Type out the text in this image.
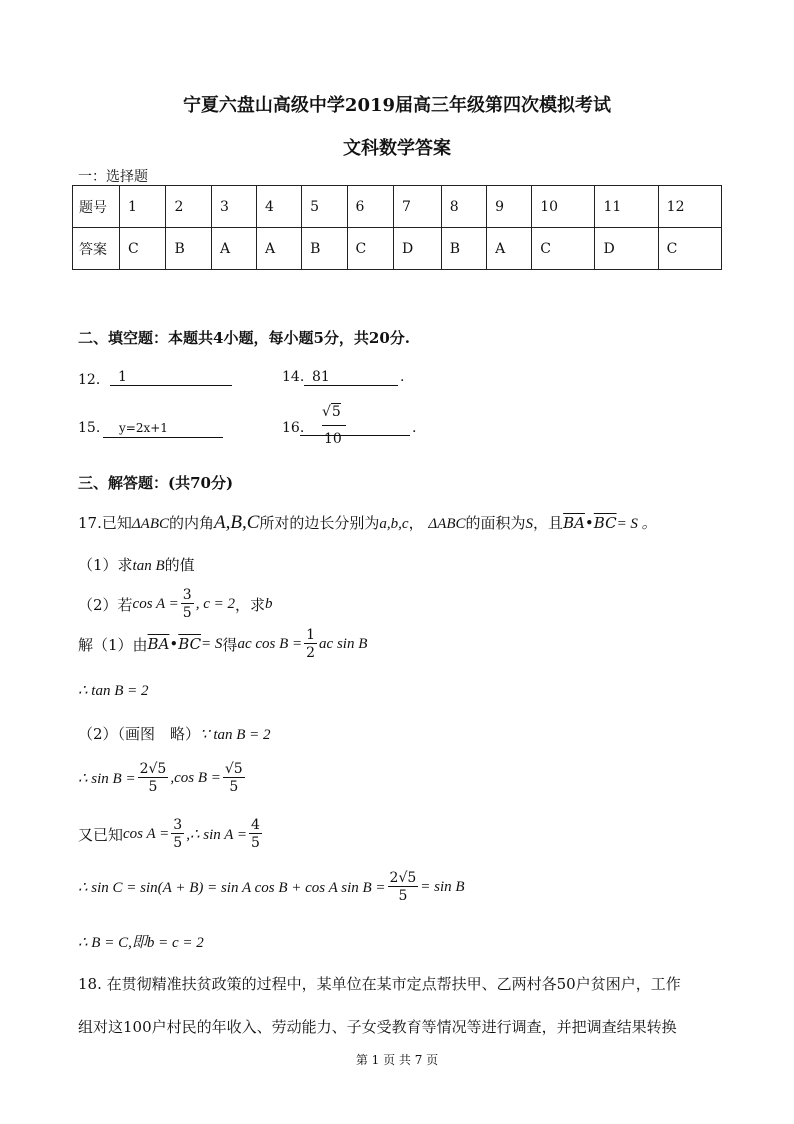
宁夏六盘山高级中学2019届高三年级第四次模拟考试
文科数学答案
一：选择题
题号	1	2	3	4	5	6	7	8	9	10	11	12
答案	C	B	A	A	B	C	D	B	A	C	D	C
二、填空题：本题共4小题，每小题5分，共20分.
12． 1	14. 81	.
15.	y=2x+1	16.
√5
10
.
三、解答题：(共70分)
17.已知ΔABC的内角A,B,C所对的边长分别为a,b,c， ΔABC的面积为S，且$\overline{BA}•\overline{BC}= S$ 。
（1）求tan B的值
（2）若 $\cos A = \frac{3}{5}$ , c = 2 ，求 b
解（1）由 $\overline{BA}$ • $\overline{BC} = S$ 得 ac $\cos B = \frac{1}{2}$ ac sin B
∴ tan B = 2
（2）（画图　略）∵ tan B = 2
∴ $\sin B = \frac{2√5}{5} ,\cos$ $B = \frac{√5}{5}$
又已知 $\cos A = \frac{3}{5}$ ,∴ $\sin A = \frac{4}{5}$
∴ sin C = sin(A + B) = sin A cos B + cos A $\sin B = \frac{2√5}{5} = \sin B$
∴ B = C,即b = c = 2
18. 在贯彻精准扶贫政策的过程中，某单位在某市定点帮扶甲、乙两村各50户贫困户，工作
组对这100户村民的年收入、劳动能力、子女受教育等情况等进行调查，并把调查结果转换
第 1 页 共 7 页
